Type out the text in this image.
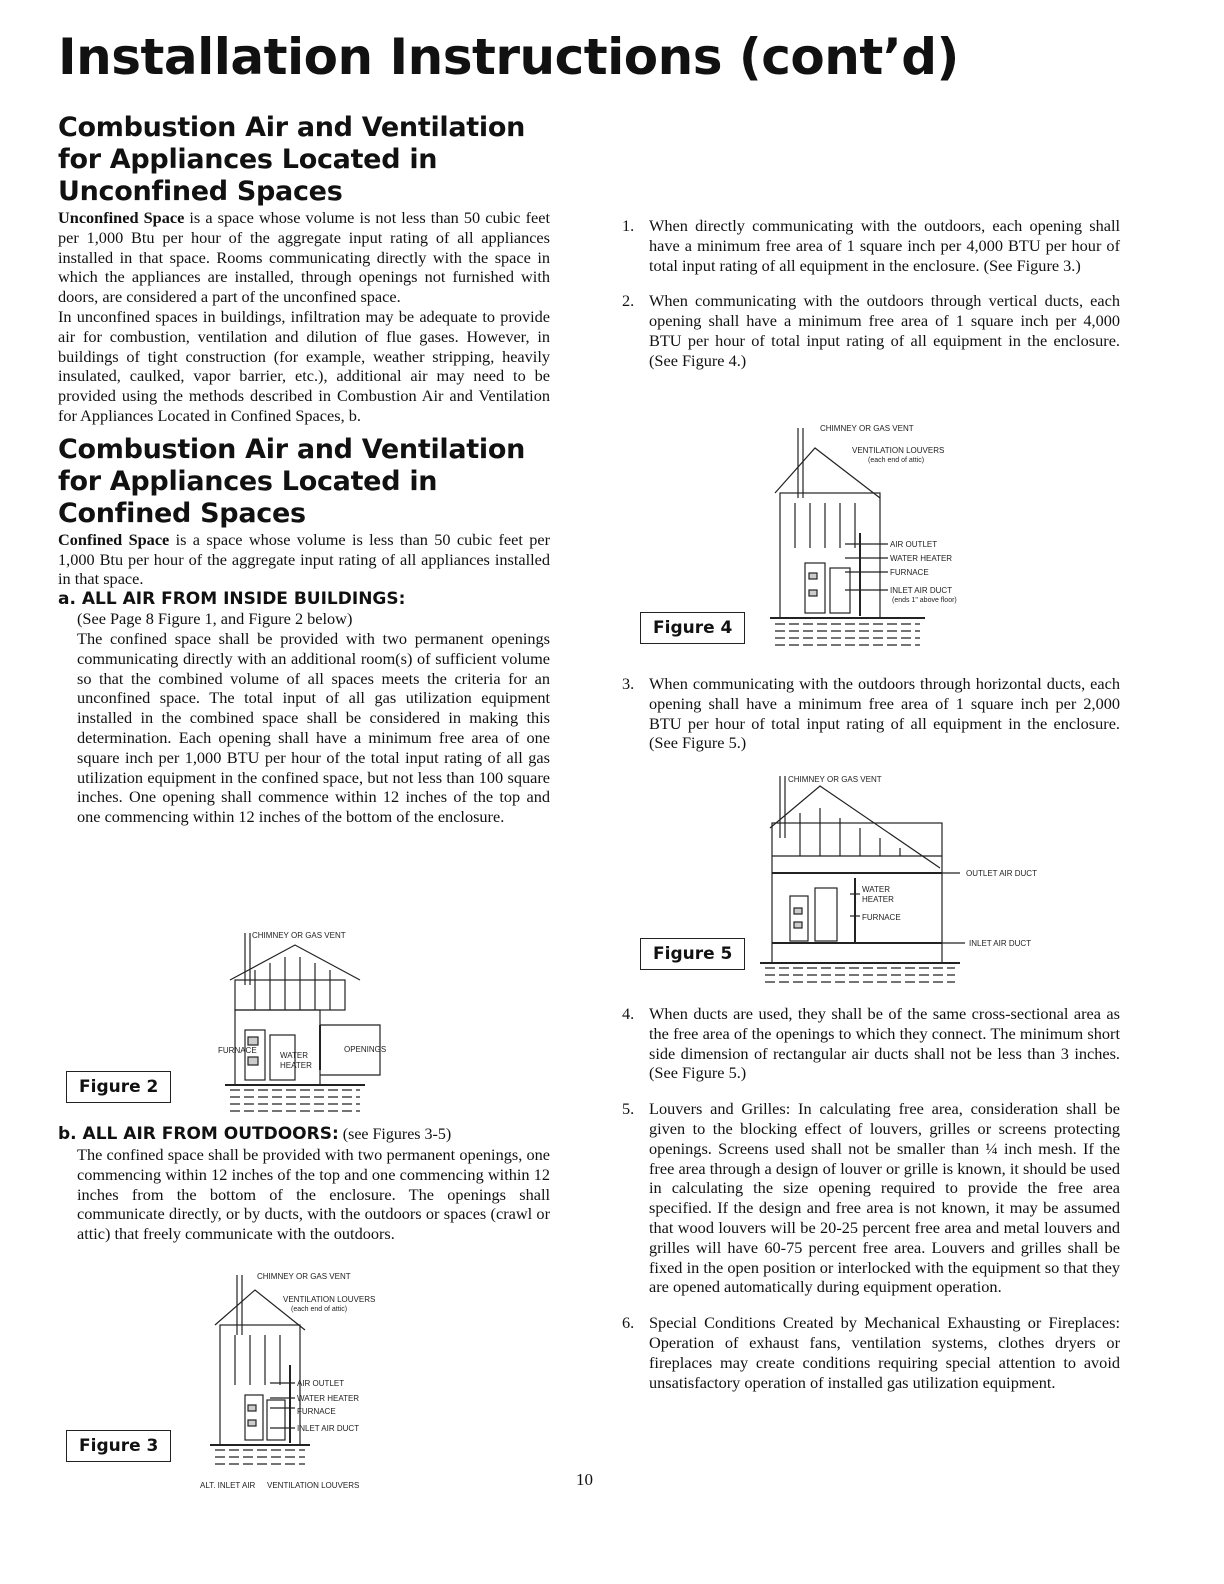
Installation Instructions (cont’d)
Combustion Air and Ventilation
for Appliances Located in
Unconfined Spaces

Unconfined Space is a space whose volume is not less than 50 cubic feet per 1,000 Btu per hour of the aggregate input rating of all appliances installed in that space. Rooms communicating directly with the space in which the appliances are installed, through openings not furnished with doors, are considered a part of the unconfined space.

In unconfined spaces in buildings, infiltration may be adequate to provide air for combustion, ventilation and dilution of flue gases. However, in buildings of tight construction (for example, weather stripping, heavily insulated, caulked, vapor barrier, etc.), additional air may need to be provided using the methods described in Combustion Air and Ventilation for Appliances Located in Confined Spaces, b.

Combustion Air and Ventilation
for Appliances Located in
Confined Spaces

Confined Space is a space whose volume is less than 50 cubic feet per 1,000 Btu per hour of the aggregate input rating of all appliances installed in that space.

a. ALL AIR FROM INSIDE BUILDINGS:

(See Page 8 Figure 1, and Figure 2 below)

The confined space shall be provided with two permanent openings communicating directly with an additional room(s) of sufficient volume so that the combined volume of all spaces meets the criteria for an unconfined space. The total input of all gas utilization equipment installed in the combined space shall be considered in making this determination. Each opening shall have a minimum free area of one square inch per 1,000 BTU per hour of the total input rating of all gas utilization equipment in the confined space, but not less than 100 square inches. One opening shall commence within 12 inches of the top and one commencing within 12 inches of the bottom of the enclosure.

CHIMNEY OR GAS VENT
FURNACE
WATER
HEATER
OPENINGS
Figure 2
b. ALL AIR FROM OUTDOORS: (see Figures 3-5)

The confined space shall be provided with two permanent openings, one commencing within 12 inches of the top and one commencing within 12 inches from the bottom of the enclosure. The openings shall communicate directly, or by ducts, with the outdoors or spaces (crawl or attic) that freely communicate with the outdoors.

CHIMNEY OR GAS VENT
VENTILATION LOUVERS
(each end of attic)
AIR OUTLET
WATER HEATER
FURNACE
INLET AIR DUCT
ALT. INLET AIR VENTILATION LOUVERS
Figure 3
1. When directly communicating with the outdoors, each opening shall have a minimum free area of 1 square inch per 4,000 BTU per hour of total input rating of all equipment in the enclosure. (See Figure 3.)
2. When communicating with the outdoors through vertical ducts, each opening shall have a minimum free area of 1 square inch per 4,000 BTU per hour of total input rating of all equipment in the enclosure. (See Figure 4.)
CHIMNEY OR GAS VENT
VENTILATION LOUVERS
(each end of attic)
AIR OUTLET
WATER HEATER
FURNACE
INLET AIR DUCT
(ends 1" above floor)
Figure 4
3. When communicating with the outdoors through horizontal ducts, each opening shall have a minimum free area of 1 square inch per 2,000 BTU per hour of total input rating of all equipment in the enclosure. (See Figure 5.)
CHIMNEY OR GAS VENT
OUTLET AIR DUCT
WATER
HEATER
FURNACE
INLET AIR DUCT
Figure 5
4. When ducts are used, they shall be of the same cross-sectional area as the free area of the openings to which they connect. The minimum short side dimension of rectangular air ducts shall not be less than 3 inches. (See Figure 5.)
5. Louvers and Grilles: In calculating free area, consideration shall be given to the blocking effect of louvers, grilles or screens protecting openings. Screens used shall not be smaller than ¼ inch mesh. If the free area through a design of louver or grille is known, it should be used in calculating the size opening required to provide the free area specified. If the design and free area is not known, it may be assumed that wood louvers will be 20-25 percent free area and metal louvers and grilles will have 60-75 percent free area. Louvers and grilles shall be fixed in the open position or interlocked with the equipment so that they are opened automatically during equipment operation.
6. Special Conditions Created by Mechanical Exhausting or Fireplaces: Operation of exhaust fans, ventilation systems, clothes dryers or fireplaces may create conditions requiring special attention to avoid unsatisfactory operation of installed gas utilization equipment.
10
